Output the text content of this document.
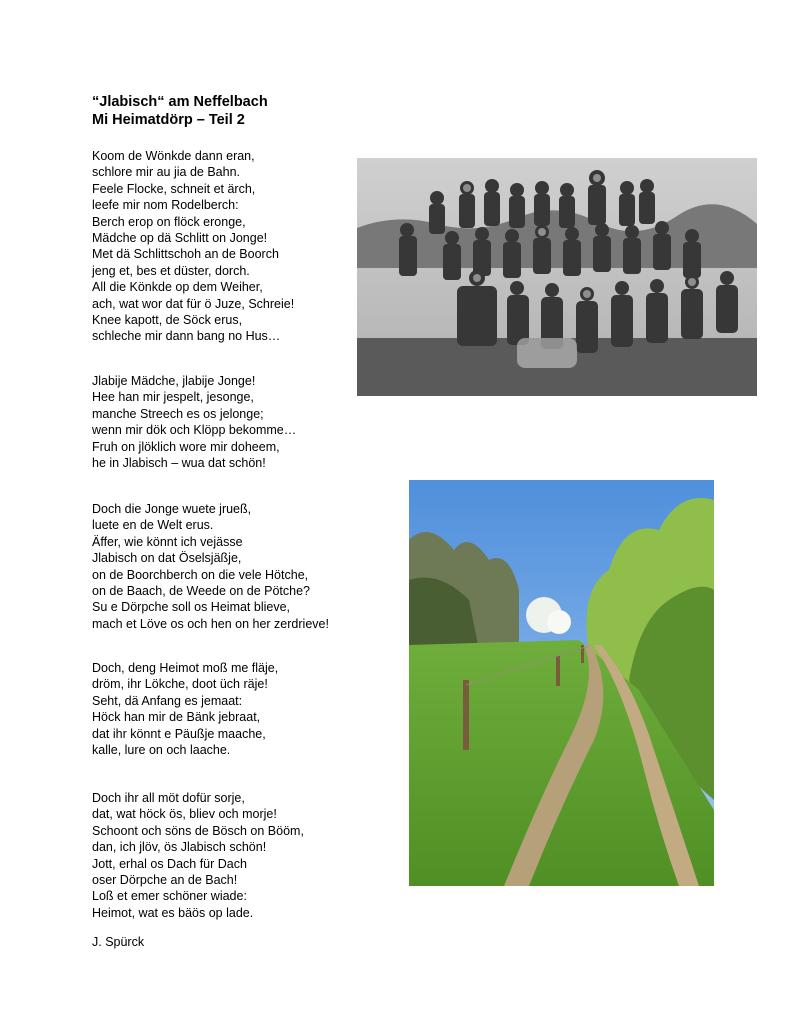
“Jlabisch“ am Neffelbach
Mi Heimatdörp – Teil 2
Koom de Wönkde dann eran,
schlore mir au jia de Bahn.
Feele Flocke, schneit et ärch,
leefe mir nom Rodelberch:
Berch erop on flöck eronge,
Mädche op dä Schlitt on Jonge!
Met dä Schlittschoh an de Boorch
jeng et, bes et düster, dorch.
All die Könkde op dem Weiher,
ach, wat wor dat für ö Juze, Schreie!
Knee kapott, de Söck erus,
schleche mir dann bang no Hus…
Jlabije Mädche, jlabije Jonge!
Hee han mir jespelt, jesonge,
manche Streech es os jelonge;
wenn mir dök och Klöpp bekomme…
Fruh on jlöklich wore mir doheem,
he in Jlabisch – wua dat schön!
Doch die Jonge wuete jrueß,
luete en de Welt erus.
Äffer, wie könnt ich vejässe
Jlabisch on dat Öselsjäßje,
on de Boorchberch on die vele Hötche,
on de Baach, de Weede on de Pötche?
Su e Dörpche soll os Heimat blieve,
mach et Löve os och hen on her zerdrieve!
Doch, deng Heimot moß me fläje,
dröm, ihr Lökche, doot üch räje!
Seht, dä Anfang es jemaat:
Höck han mir de Bänk jebraat,
dat ihr könnt e Päußje maache,
kalle, lure on och laache.
Doch ihr all möt dofür sorje,
dat, wat höck ös, bliev och morje!
Schoont och söns de Bösch on Bööm,
dan, ich jlöv, ös Jlabisch schön!
Jott, erhal os Dach für Dach
oser Dörpche an de Bach!
Loß et emer schöner wiade:
Heimot, wat es bäös op lade.
J. Spürck
